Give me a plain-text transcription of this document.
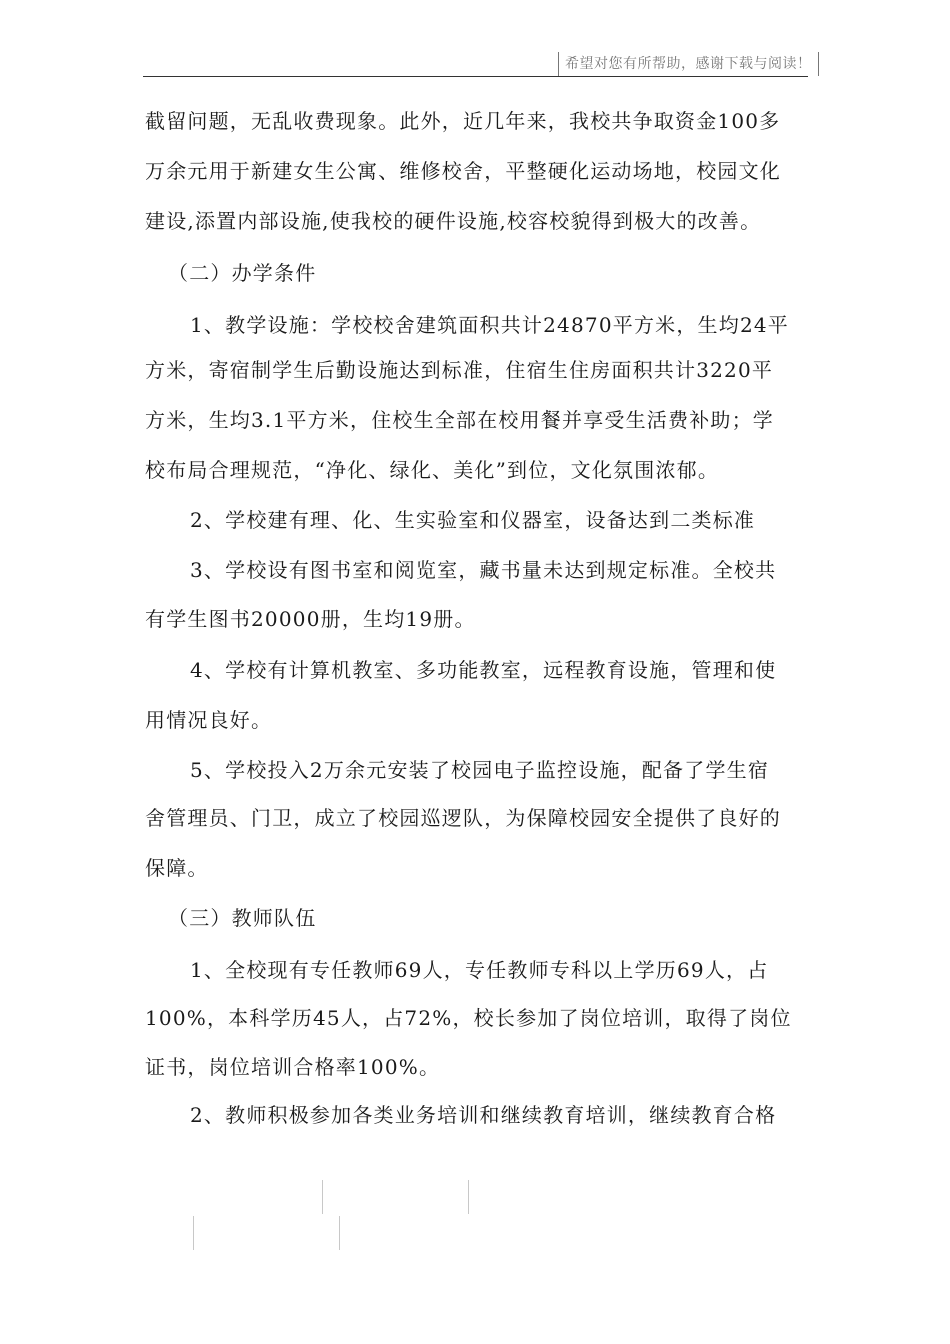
希望对您有所帮助，感谢下载与阅读！
截留问题，无乱收费现象。此外，近几年来，我校共争取资金100多
万余元用于新建女生公寓、维修校舍，平整硬化运动场地，校园文化
建设,添置内部设施,使我校的硬件设施,校容校貌得到极大的改善。
（二）办学条件
1、教学设施：学校校舍建筑面积共计24870平方米，生均24平
方米，寄宿制学生后勤设施达到标准，住宿生住房面积共计3220平
方米，生均3.1平方米，住校生全部在校用餐并享受生活费补助；学
校布局合理规范，“净化、绿化、美化”到位，文化氛围浓郁。
2、学校建有理、化、生实验室和仪器室，设备达到二类标准
3、学校设有图书室和阅览室，藏书量未达到规定标准。全校共
有学生图书20000册，生均19册。
4、学校有计算机教室、多功能教室，远程教育设施，管理和使
用情况良好。
5、学校投入2万余元安装了校园电子监控设施，配备了学生宿
舍管理员、门卫，成立了校园巡逻队，为保障校园安全提供了良好的
保障。
（三）教师队伍
1、全校现有专任教师69人，专任教师专科以上学历69人，占
100%，本科学历45人，占72%，校长参加了岗位培训，取得了岗位
证书，岗位培训合格率100%。
2、教师积极参加各类业务培训和继续教育培训，继续教育合格
